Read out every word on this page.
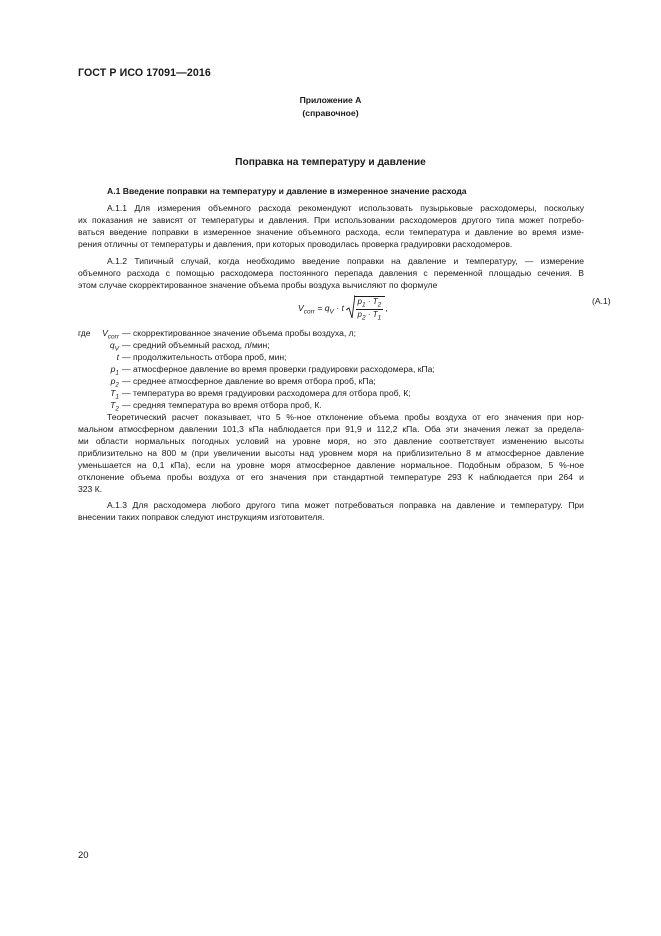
ГОСТ Р ИСО 17091—2016
Приложение А
(справочное)
Поправка на температуру и давление
А.1 Введение поправки на температуру и давление в измеренное значение расхода
А.1.1 Для измерения объемного расхода рекомендуют использовать пузырьковые расходомеры, поскольку
их показания не зависят от температуры и давления. При использовании расходомеров другого типа может потребо-
ваться введение поправки в измеренное значение объемного расхода, если температура и давление во время изме-
рения отличны от температуры и давления, при которых проводилась проверка градуировки расходомеров.
А.1.2 Типичный случай, когда необходимо введение поправки на давление и температуру, — измерение
объемного расхода с помощью расходомера постоянного перепада давления с переменной площадью сечения. В
этом случае скорректированное значение объема пробы воздуха вычисляют по формуле
$V_{corr} = q_V \cdot t \cdot \frac{p_1 \cdot T_2}{p_2 \cdot T_1}$ ,
(А.1)
где	$V_{corr}$ — скорректированное значение объема пробы воздуха, л;
$q_V$ — средний объемный расход, л/мин;
t — продолжительность отбора проб, мин;
$p_1$ — атмосферное давление во время проверки градуировки расходомера, кПа;
$p_2$ — среднее атмосферное давление во время отбора проб, кПа;
$T_1$ — температура во время градуировки расходомера для отбора проб, К;
$T_2$ — средняя температура во время отбора проб, К.
Теоретический расчет показывает, что 5 %-ное отклонение объема пробы воздуха от его значения при нор-
мальном атмосферном давлении 101,3 кПа наблюдается при 91,9 и 112,2 кПа. Оба эти значения лежат за предела-
ми области нормальных погодных условий на уровне моря, но это давление соответствует изменению высоты
приблизительно на 800 м (при увеличении высоты над уровнем моря на приблизительно 8 м атмосферное давление
уменьшается на 0,1 кПа), если на уровне моря атмосферное давление нормальное. Подобным образом, 5 %-ное
отклонение объема пробы воздуха от его значения при стандартной температуре 293 К наблюдается при 264 и
323 К.
А.1.3 Для расходомера любого другого типа может потребоваться поправка на давление и температуру. При
внесении таких поправок следуют инструкциям изготовителя.
20
